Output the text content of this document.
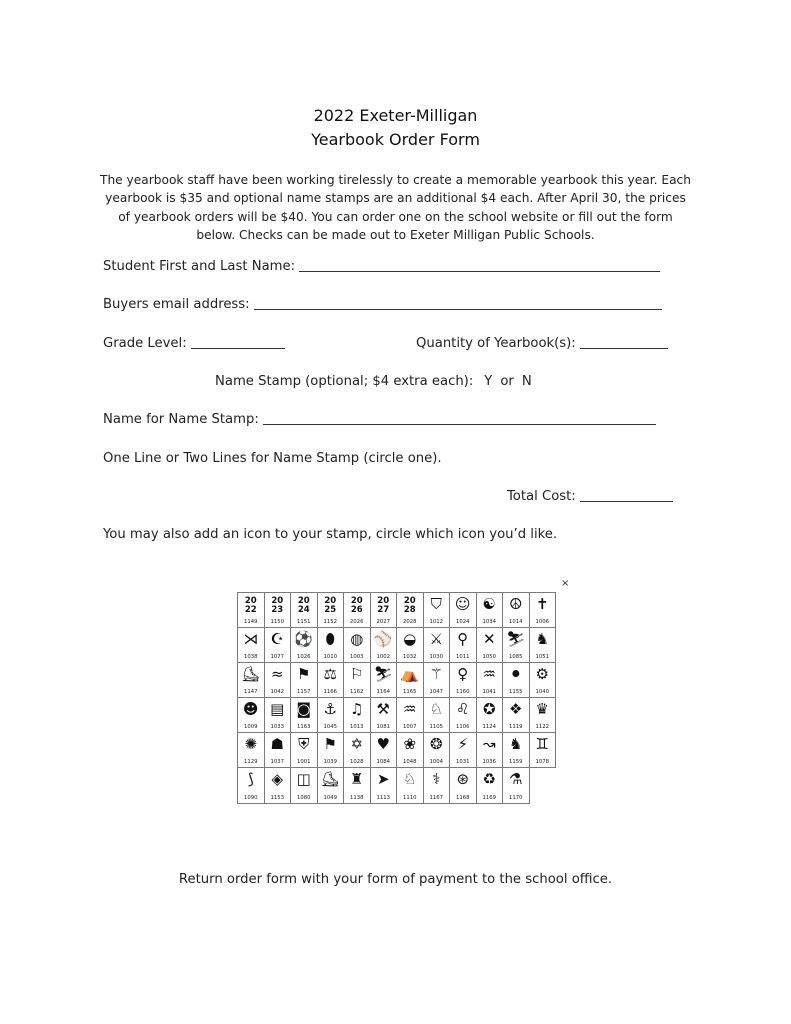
2022 Exeter-Milligan
Yearbook Order Form
The yearbook staff have been working tirelessly to create a memorable yearbook this year. Each yearbook is $35 and optional name stamps are an additional $4 each. After April 30, the prices of yearbook orders will be $40. You can order one on the school website or fill out the form below. Checks can be made out to Exeter Milligan Public Schools.
Student First and Last Name:
Buyers email address:
Grade Level:	Quantity of Yearbook(s):
Name Stamp (optional; $4 extra each): Y or N
Name for Name Stamp:
One Line or Two Lines for Name Stamp (circle one).
Total Cost:
You may also add an icon to your stamp, circle which icon you’d like.
×
20
22
1149
20
23
1150
20
24
1151
20
25
1152
20
26
2026
20
27
2027
20
28
2028
⛉
1012
☺
1024
☯
1034
☮
1014
✝
1006
⋊
1038
☪
1077
⚽
1026
⬮
1010
◍
1003
⚾
1002
◒
1032
⚔
1030
⚲
1011
✕
1050
⛷
1085
♞
1051
⛸
1147
≈
1042
⚑
1157
⚖
1166
⚐
1162
⛷
1164
⛺
1165
⚚
1047
♀
1160
♒
1041
⚫
1155
⚙
1040
☻
1009
▤
1033
◙
1163
⚓
1045
♫
1013
⚒
1081
♒
1007
♘
1105
♌
1106
✪
1124
❖
1119
♛
1122
✺
1129
☗
1037
⛨
1001
⚑
1039
✡
1028
♥
1084
❀
1048
❂
1004
⚡
1031
↝
1036
♞
1159
♊
1078
⟆
1090
◈
1153
◫
1080
⛸
1049
♜
1138
➤
1113
♘
1110
⚕
1167
⊛
1168
♻
1169
⚗
1170
Return order form with your form of payment to the school office.
